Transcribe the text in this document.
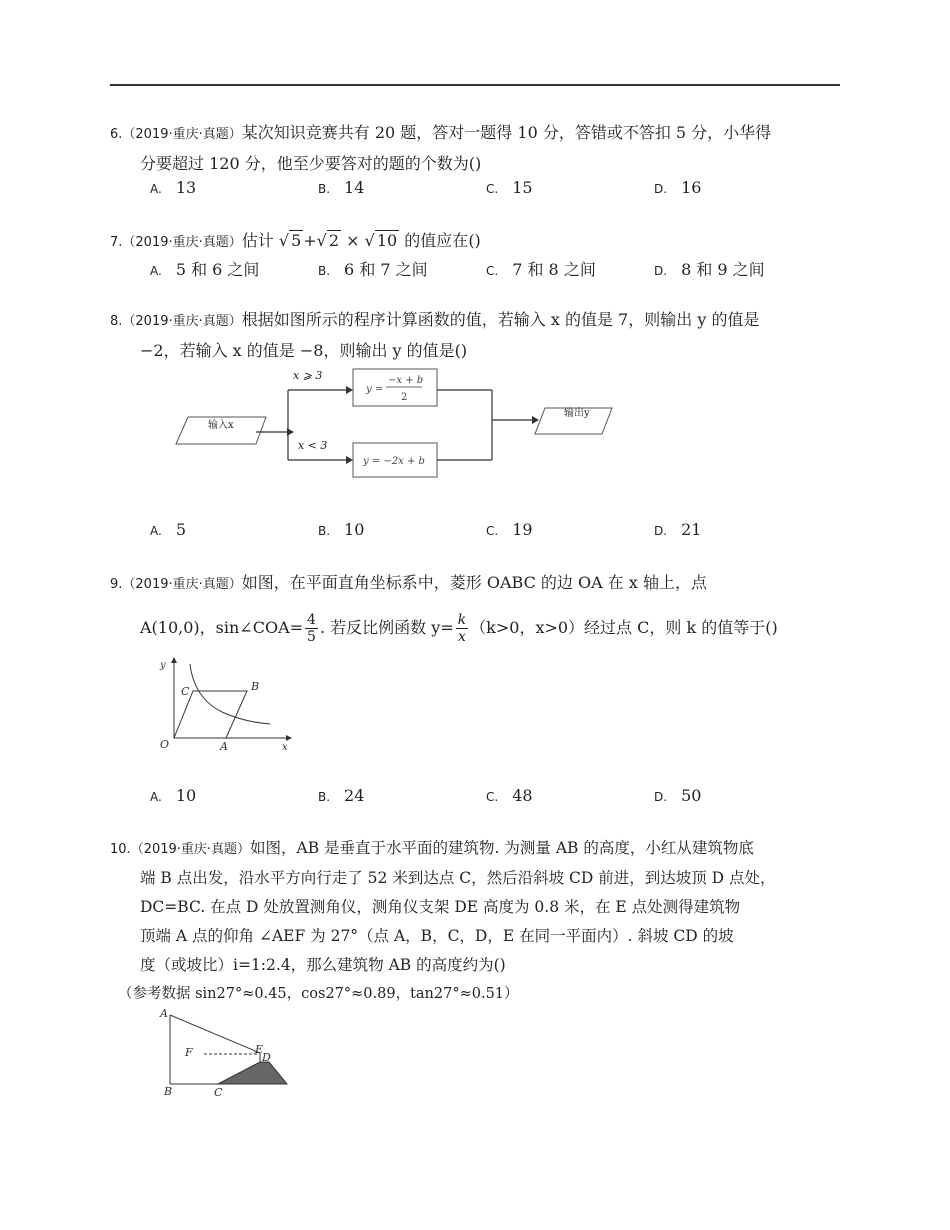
6.（2019·重庆·真题）某次知识竞赛共有 20 题，答对一题得 10 分，答错或不答扣 5 分，小华得
分要超过 120 分，他至少要答对的题的个数为()
A. 13	B. 14	C. 15	D. 16
7.（2019·重庆·真题）估计 √ 5 +√ 2 × √ 10 的值应在()
A. 5 和 6 之间	B. 6 和 7 之间	C. 7 和 8 之间	D. 8 和 9 之间
8.（2019·重庆·真题）根据如图所示的程序计算函数的值，若输入 x 的值是 7，则输出 y 的值是
−2，若输入 x 的值是 −8，则输出 y 的值是()
输入x
x ⩾ 3
x < 3
y =
−x + b
2
y = −2x + b
输出y
A. 5	B. 10	C. 19	D. 21
9.（2019·重庆·真题）如图，在平面直角坐标系中，菱形 OABC 的边 OA 在 x 轴上，点
A(10,0)，sin∠COA= $\frac{4}{5}$ . 若反比例函数 $y= \frac{k}{x} (k>0$，x>0）经过点 C，则 k 的值等于()
y
x
O	A
B
C
A. 10	B. 24	C. 48	D. 50
10.（2019·重庆·真题）如图，AB 是垂直于水平面的建筑物. 为测量 AB 的高度，小红从建筑物底
端 B 点出发，沿水平方向行走了 52 米到达点 C，然后沿斜坡 CD 前进，到达坡顶 D 点处，
DC=BC. 在点 D 处放置测角仪，测角仪支架 DE 高度为 0.8 米，在 E 点处测得建筑物
顶端 A 点的仰角 ∠AEF 为 27°（点 A，B，C，D，E 在同一平面内）. 斜坡 CD 的坡
度（或坡比）i=1:2.4，那么建筑物 AB 的高度约为()
（参考数据 sin27°≈0.45，cos27°≈0.89，tan27°≈0.51）
A
B	C
F	E
D
